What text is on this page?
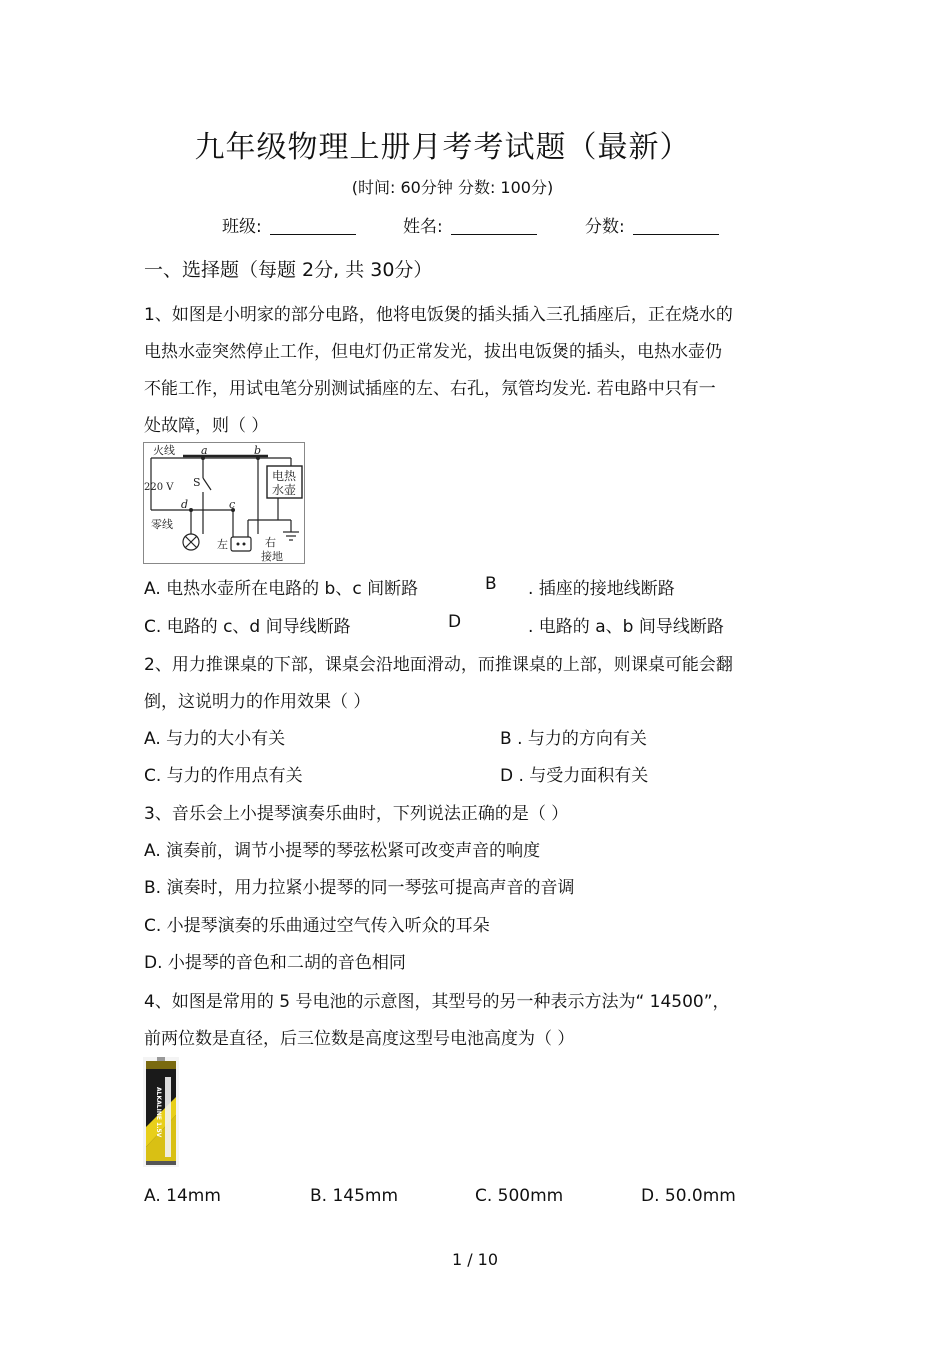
九年级物理上册月考考试题（最新）
(时间: 60分钟 分数: 100分)
班级:	姓名:	分数:
一、选择题（每题 2分, 共 30分）
1、如图是小明家的部分电路，他将电饭煲的插头插入三孔插座后，正在烧水的
电热水壶突然停止工作，但电灯仍正常发光，拔出电饭煲的插头，电热水壶仍
不能工作，用试电笔分别测试插座的左、右孔，氖管均发光. 若电路中只有一
处故障，则（ ）
火线
220 V
零线
a	b
c
d
S	电热
水壶
左	右
接地
A. 电热水壶所在电路的 b、c 间断路	B . 插座的接地线断路
C. 电路的 c、d 间导线断路	D	. 电路的 a、b 间导线断路
2、用力推课桌的下部，课桌会沿地面滑动，而推课桌的上部，则课桌可能会翻
倒，这说明力的作用效果（ ）
A. 与力的大小有关	B . 与力的方向有关
C. 与力的作用点有关	D . 与受力面积有关
3、音乐会上小提琴演奏乐曲时，下列说法正确的是（ ）
A. 演奏前，调节小提琴的琴弦松紧可改变声音的响度
B. 演奏时，用力拉紧小提琴的同一琴弦可提高声音的音调
C. 小提琴演奏的乐曲通过空气传入听众的耳朵
D. 小提琴的音色和二胡的音色相同
4、如图是常用的 5 号电池的示意图，其型号的另一种表示方法为“ 14500”，
前两位数是直径，后三位数是高度这型号电池高度为（ ）
ALKALINE 1.5V
A. 14mm	B. 145mm	C. 500mm	D. 50.0mm
1 / 10
